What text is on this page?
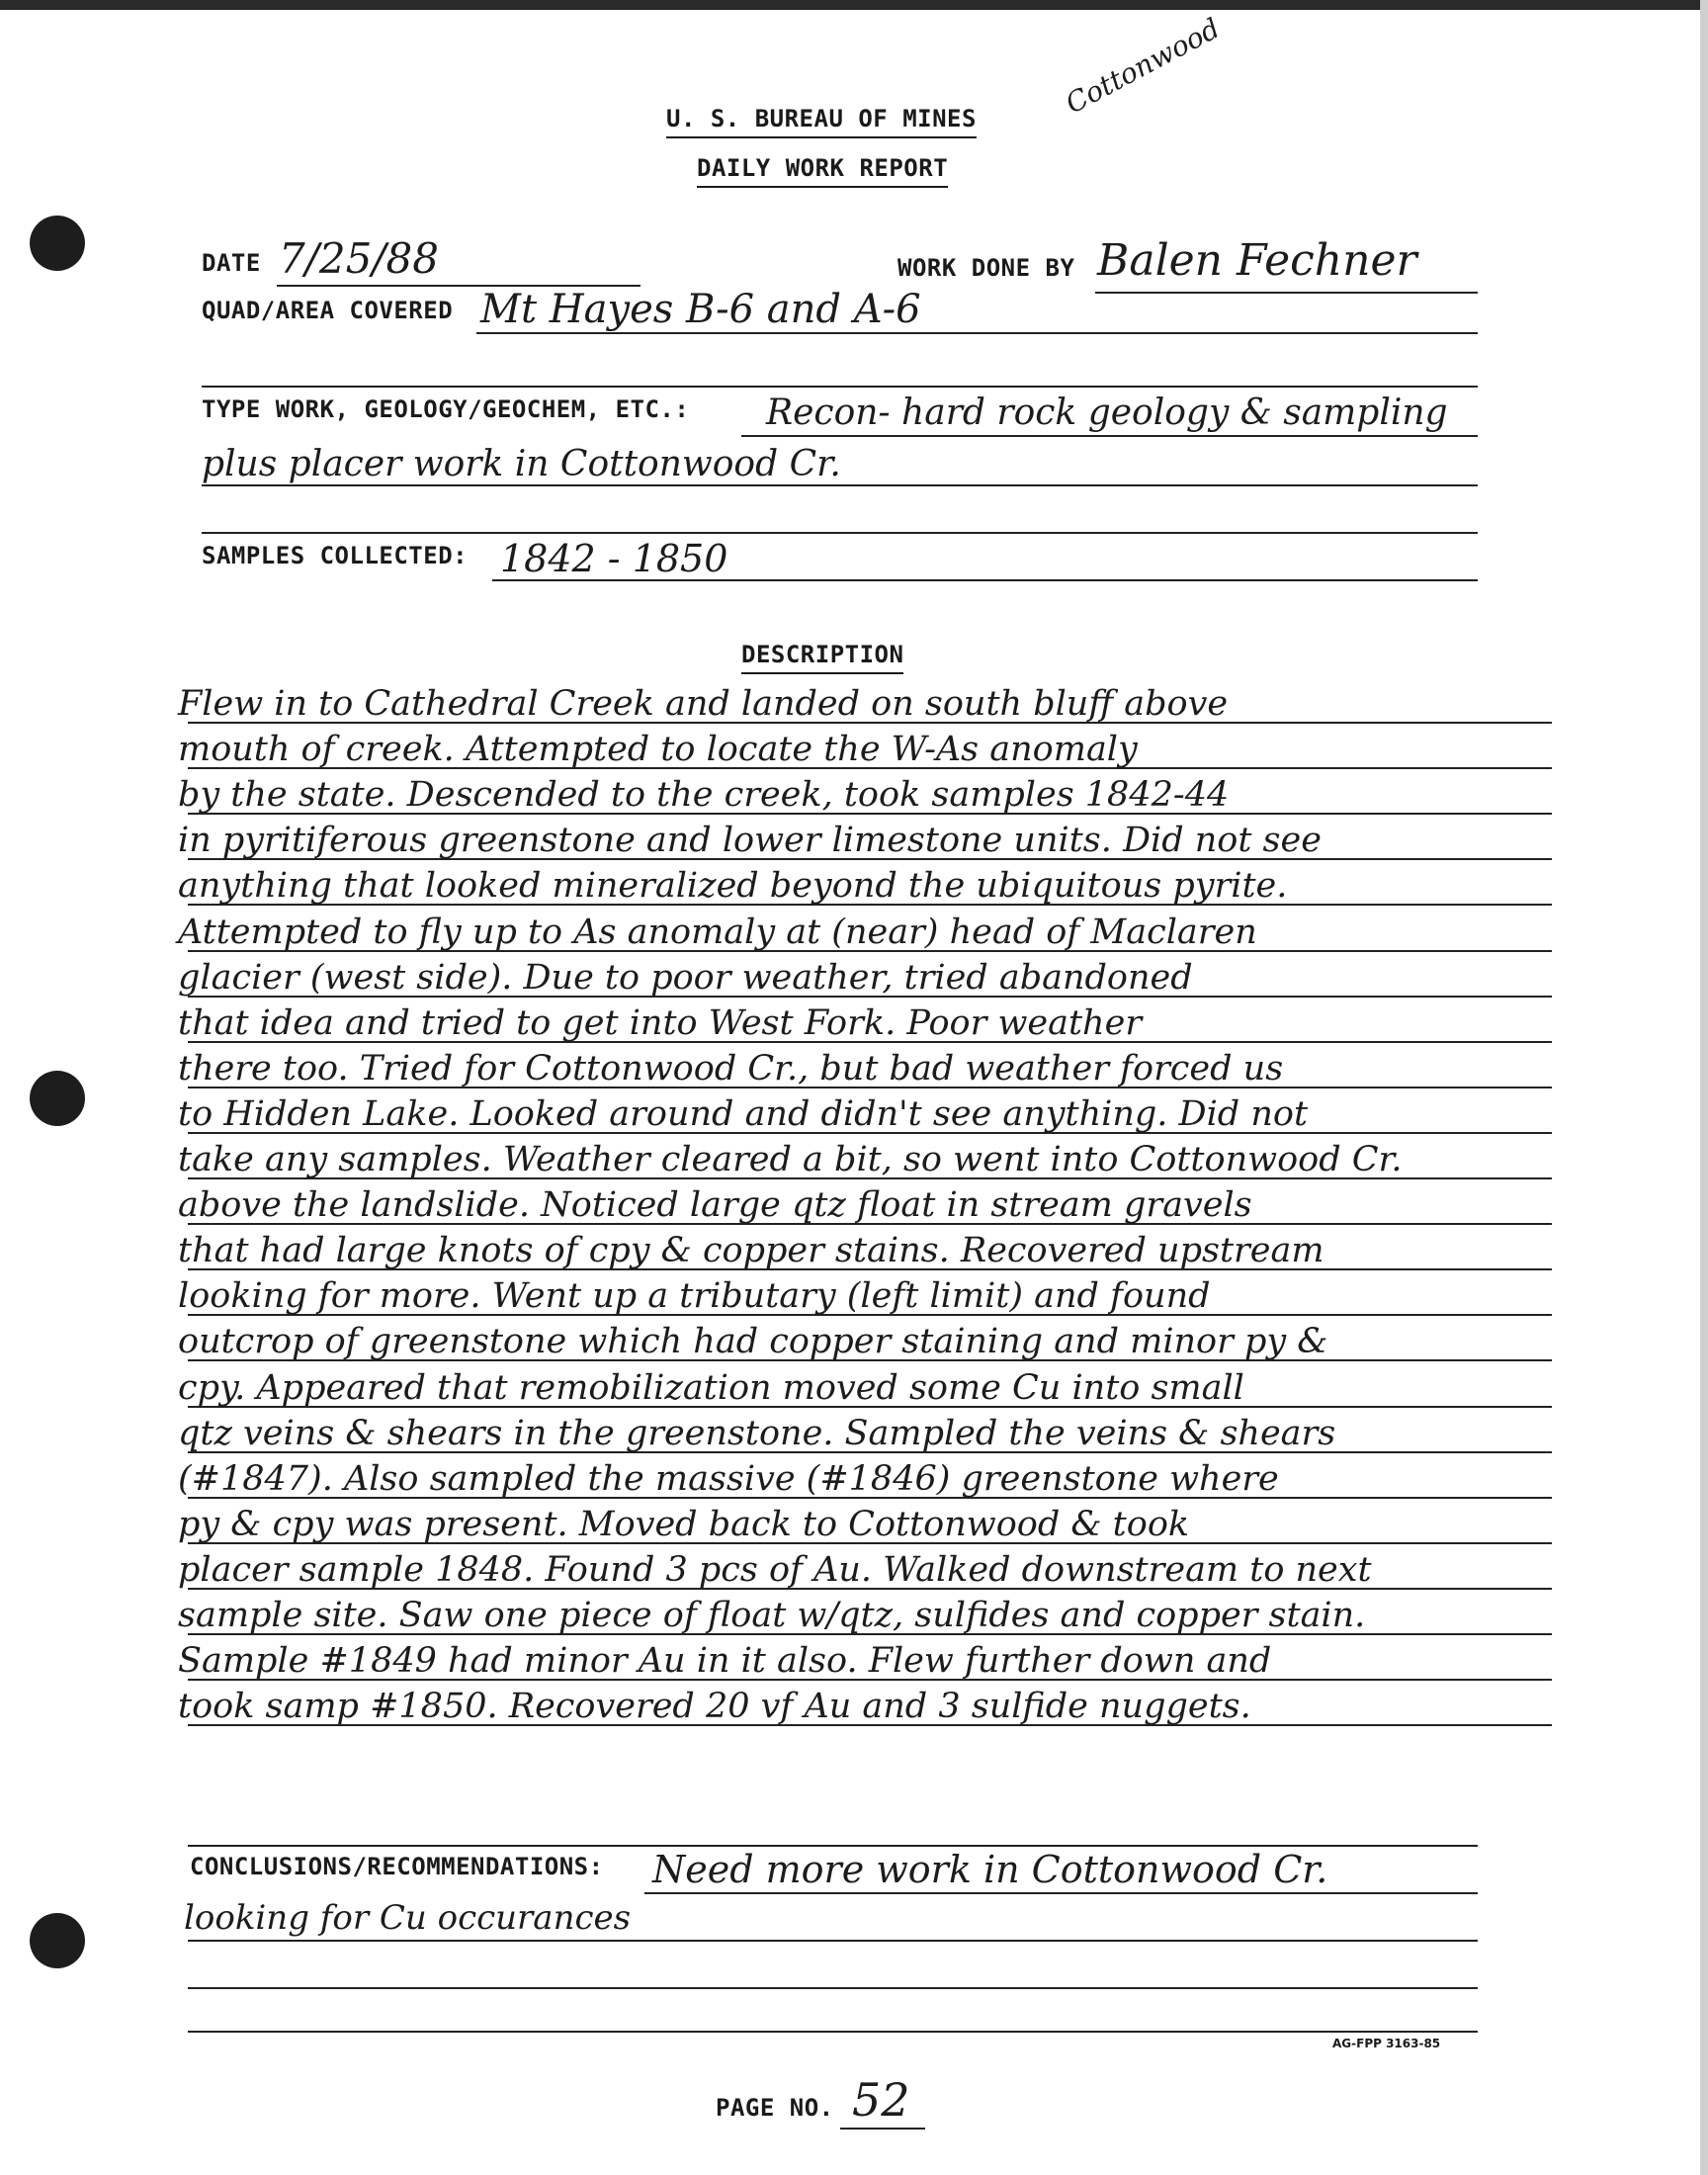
U. S. BUREAU OF MINES
DAILY WORK REPORT
Cottonwood
DATE 7/25/88	WORK DONE BY Balen Fechner
QUAD/AREA COVERED Mt Hayes B-6 and A-6
TYPE WORK, GEOLOGY/GEOCHEM, ETC.: Recon- hard rock geology & sampling
plus placer work in Cottonwood Cr.
SAMPLES COLLECTED: 1842 - 1850
DESCRIPTION
Flew in to Cathedral Creek and landed on south bluff above
mouth of creek. Attempted to locate the W-As anomaly
by the state. Descended to the creek, took samples 1842-44
in pyritiferous greenstone and lower limestone units. Did not see
anything that looked mineralized beyond the ubiquitous pyrite.
Attempted to fly up to As anomaly at (near) head of Maclaren
glacier (west side). Due to poor weather, tried abandoned
that idea and tried to get into West Fork. Poor weather
there too. Tried for Cottonwood Cr., but bad weather forced us
to Hidden Lake. Looked around and didn't see anything. Did not
take any samples. Weather cleared a bit, so went into Cottonwood Cr.
above the landslide. Noticed large qtz float in stream gravels
that had large knots of cpy & copper stains. Recovered upstream
looking for more. Went up a tributary (left limit) and found
outcrop of greenstone which had copper staining and minor py &
cpy. Appeared that remobilization moved some Cu into small
qtz veins & shears in the greenstone. Sampled the veins & shears
(#1847). Also sampled the massive (#1846) greenstone where
py & cpy was present. Moved back to Cottonwood & took
placer sample 1848. Found 3 pcs of Au. Walked downstream to next
sample site. Saw one piece of float w/qtz, sulfides and copper stain.
Sample #1849 had minor Au in it also. Flew further down and
took samp #1850. Recovered 20 vf Au and 3 sulfide nuggets.
CONCLUSIONS/RECOMMENDATIONS: Need more work in Cottonwood Cr.
looking for Cu occurances
AG-FPP 3163-85
PAGE NO. 52
